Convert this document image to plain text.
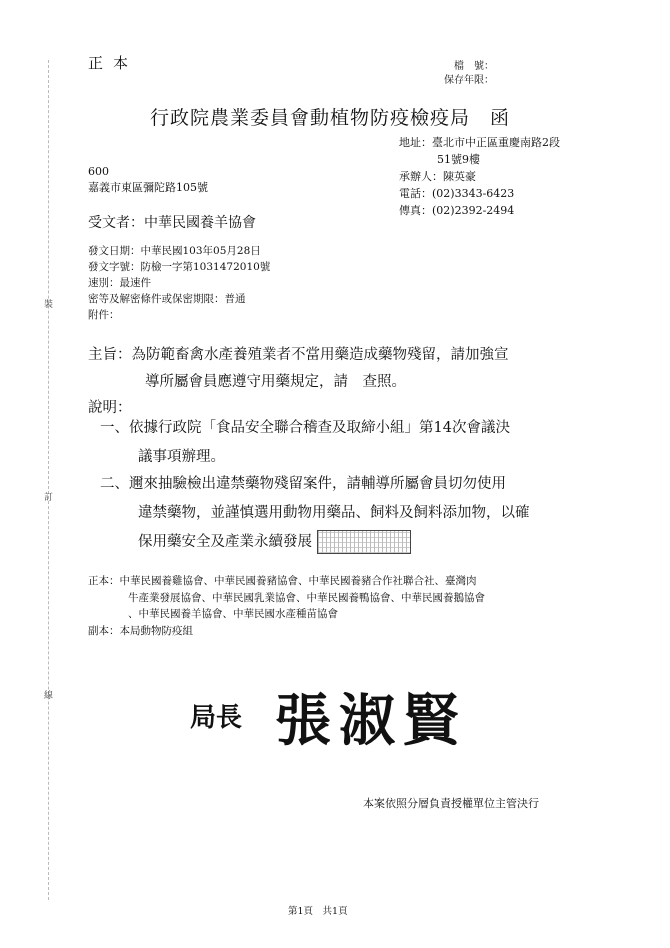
正本	檔　號：
保存年限：
行政院農業委員會動植物防疫檢疫局　函
地址：臺北市中正區重慶南路2段
51號9樓
承辦人：陳英豪
電話：(02)3343-6423
傳真：(02)2392-2494
600
嘉義市東區彌陀路105號
受文者：中華民國養羊協會
發文日期：中華民國103年05月28日
發文字號：防檢一字第1031472010號
速別：最速件
密等及解密條件或保密期限：普通
附件：
主旨：為防範畜禽水產養殖業者不當用藥造成藥物殘留，請加強宣
導所屬會員應遵守用藥規定，請　查照。
說明：
一、依據行政院「食品安全聯合稽查及取締小組」第14次會議決
議事項辦理。
二、邇來抽驗檢出違禁藥物殘留案件，請輔導所屬會員切勿使用
違禁藥物，並謹慎選用動物用藥品、飼料及飼料添加物，以確
保用藥安全及產業永續發展
正本：中華民國養雞協會、中華民國養豬協會、中華民國養豬合作社聯合社、臺灣肉
牛產業發展協會、中華民國乳業協會、中華民國養鴨協會、中華民國養鵝協會
、中華民國養羊協會、中華民國水產種苗協會
副本：本局動物防疫組
局長 張淑賢
本案依照分層負責授權單位主管決行
第1頁　共1頁
裝
訂
線
